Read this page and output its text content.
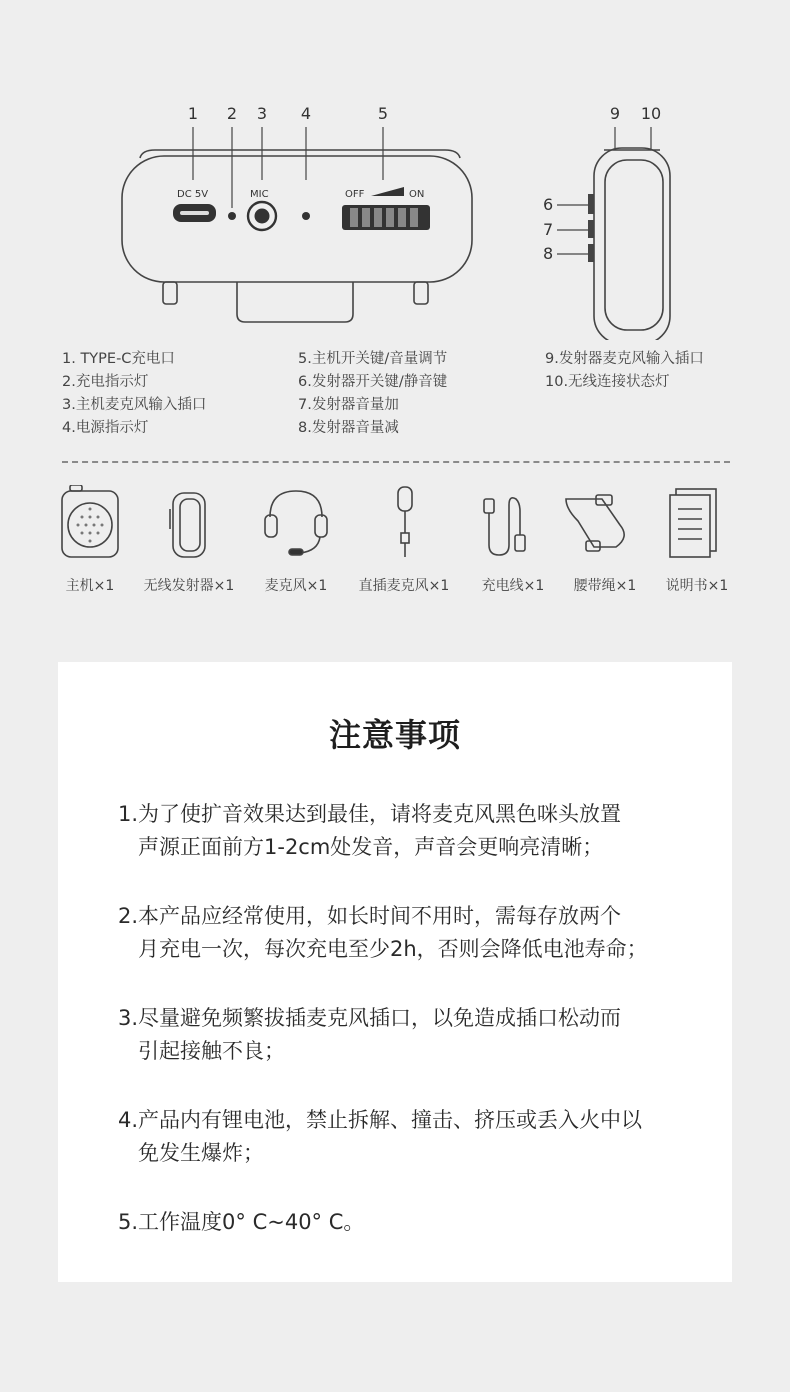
1 2 3 4	5
DC 5V	MIC	OFF	ON
9 10
6
7
8
1. TYPE-C充电口
2.充电指示灯
3.主机麦克风输入插口
4.电源指示灯
5.主机开关键/音量调节
6.发射器开关键/静音键
7.发射器音量加
8.发射器音量减
9.发射器麦克风输入插口
10.无线连接状态灯
主机×1 无线发射器×1 麦克风×1 直插麦克风×1 充电线×1 腰带绳×1 说明书×1
注意事项
1.为了使扩音效果达到最佳，请将麦克风黑色咪头放置
声源正面前方1-2cm处发音，声音会更响亮清晰；
2.本产品应经常使用，如长时间不用时，需每存放两个
月充电一次，每次充电至少2h，否则会降低电池寿命；
3.尽量避免频繁拔插麦克风插口，以免造成插口松动而
引起接触不良；
4.产品内有锂电池，禁止拆解、撞击、挤压或丢入火中以
免发生爆炸；
5.工作温度0° C~40° C。
